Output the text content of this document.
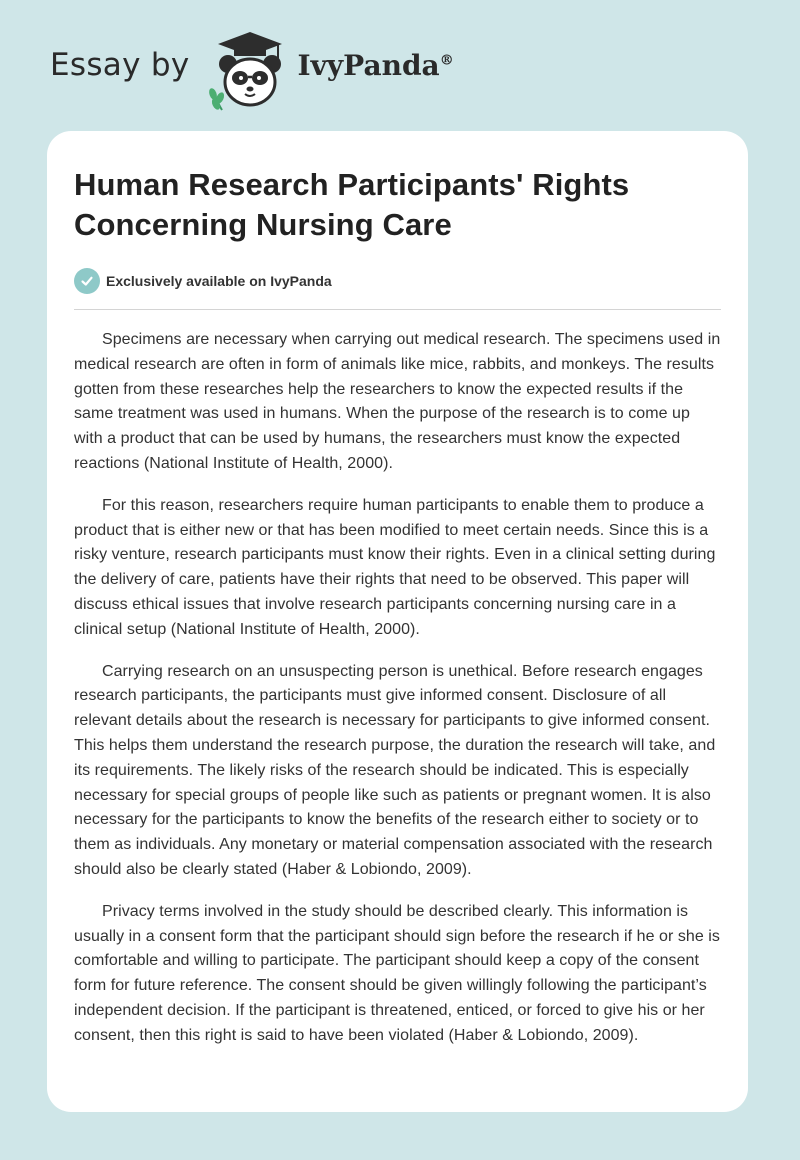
Essay by	IvyPanda®
Human Research Participants' Rights Concerning Nursing Care
Exclusively available on IvyPanda

Specimens are necessary when carrying out medical research. The specimens used in medical research are often in form of animals like mice, rabbits, and monkeys. The results gotten from these researches help the researchers to know the expected results if the same treatment was used in humans. When the purpose of the research is to come up with a product that can be used by humans, the researchers must know the expected reactions (National Institute of Health, 2000).

For this reason, researchers require human participants to enable them to produce a product that is either new or that has been modified to meet certain needs. Since this is a risky venture, research participants must know their rights. Even in a clinical setting during the delivery of care, patients have their rights that need to be observed. This paper will discuss ethical issues that involve research participants concerning nursing care in a clinical setup (National Institute of Health, 2000).

Carrying research on an unsuspecting person is unethical. Before research engages research participants, the participants must give informed consent. Disclosure of all relevant details about the research is necessary for participants to give informed consent. This helps them understand the research purpose, the duration the research will take, and its requirements. The likely risks of the research should be indicated. This is especially necessary for special groups of people like such as patients or pregnant women. It is also necessary for the participants to know the benefits of the research either to society or to them as individuals. Any monetary or material compensation associated with the research should also be clearly stated (Haber & Lobiondo, 2009).

Privacy terms involved in the study should be described clearly. This information is usually in a consent form that the participant should sign before the research if he or she is comfortable and willing to participate. The participant should keep a copy of the consent form for future reference. The consent should be given willingly following the participant’s independent decision. If the participant is threatened, enticed, or forced to give his or her consent, then this right is said to have been violated (Haber & Lobiondo, 2009).
